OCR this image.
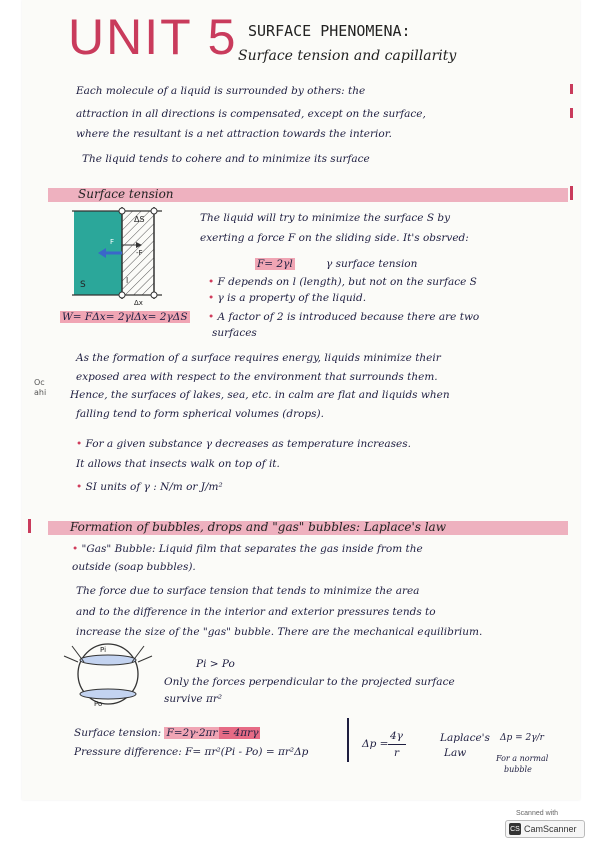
UNIT 5 SURFACE PHENOMENA:
Surface tension and capillarity
Each molecule of a liquid is surrounded by others: the
attraction in all directions is compensated, except on the surface,
where the resultant is a net attraction towards the interior.
The liquid tends to cohere and to minimize its surface
Surface tension
ΔS
S	l
Δx
F
-F
The liquid will try to minimize the surface S by
exerting a force F on the sliding side. It's obsrved:
F= 2γl	γ surface tension
• F depends on l (length), but not on the surface S
• γ is a property of the liquid.
• A factor of 2 is introduced because there are two
surfaces
W= FΔx= 2γlΔx= 2γΔS
As the formation of a surface requires energy, liquids minimize their
exposed area with respect to the environment that surrounds them.
Hence, the surfaces of lakes, sea, etc. in calm are flat and liquids when
falling tend to form spherical volumes (drops).
Oc
ahi
• For a given substance γ decreases as temperature increases.
It allows that insects walk on top of it.
• SI units of γ : N/m or J/m²
Formation of bubbles, drops and "gas" bubbles: Laplace's law
• "Gas" Bubble: Liquid film that separates the gas inside from the
outside (soap bubbles).
The force due to surface tension that tends to minimize the area
and to the difference in the interior and exterior pressures tends to
increase the size of the "gas" bubble. There are the mechanical equilibrium.
Pi
Po
Pi > Po
Only the forces perpendicular to the projected surface
survive πr²
Surface tension: F=2γ·2πr = 4πrγ
Pressure difference: F= πr²(Pi - Po) = πr²Δp
Δp =
4γ
r
Laplace's
Law
Δp = 2γ/r
For a normal
bubble
Scanned with
CS CamScanner
